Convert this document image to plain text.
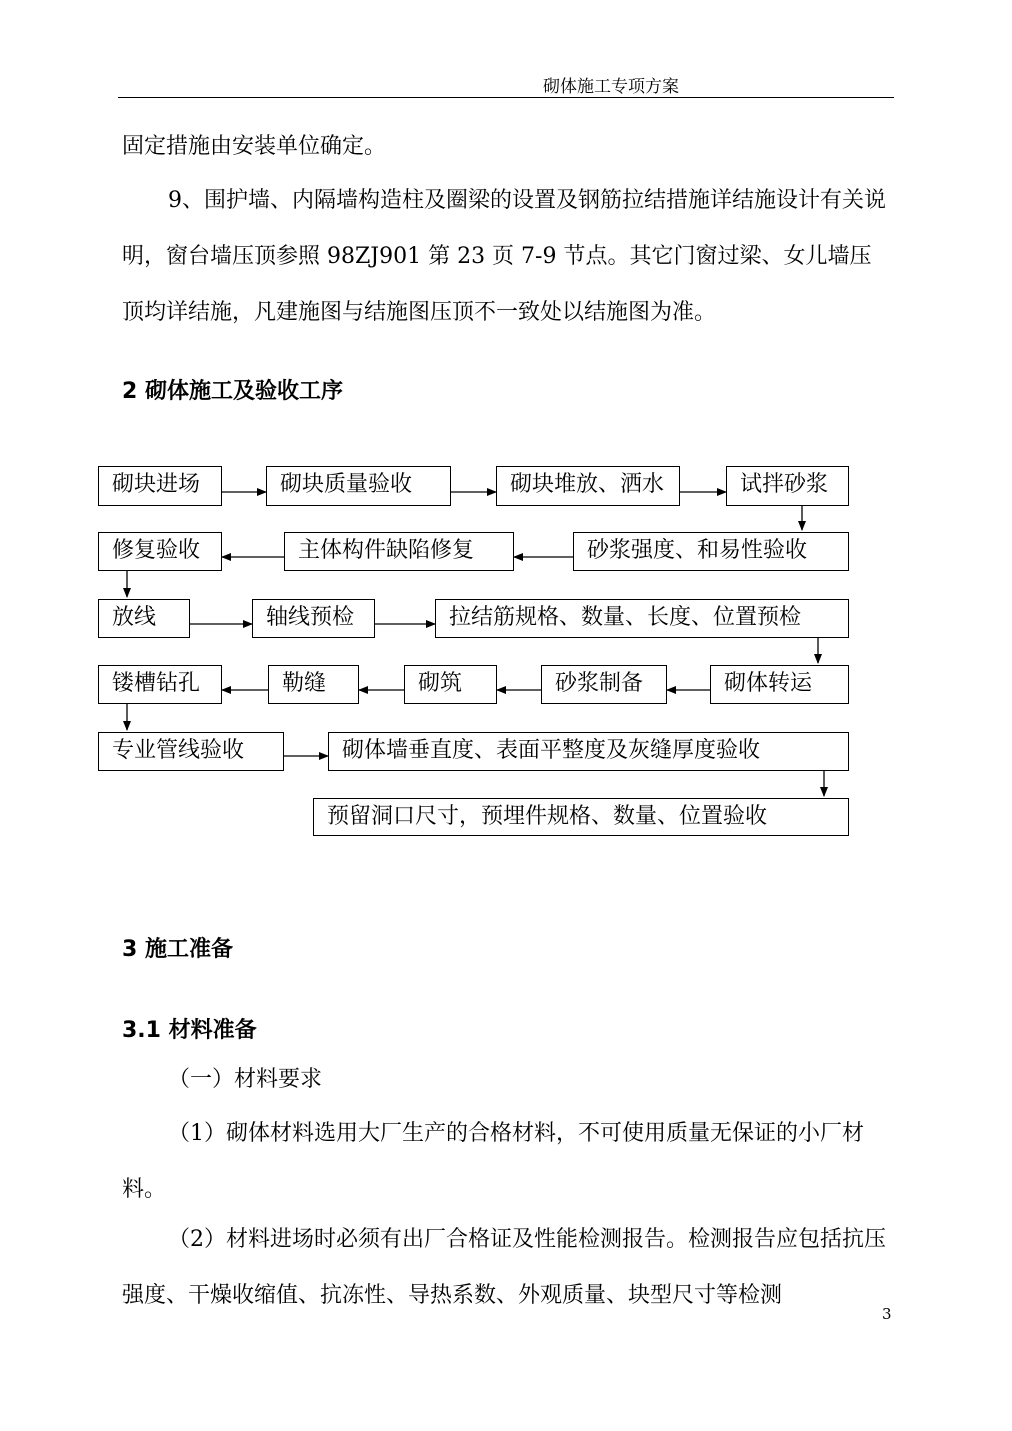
砌体施工专项方案

固定措施由安装单位确定。

9、围护墙、内隔墙构造柱及圈梁的设置及钢筋拉结措施详结施设计有关说明，窗台墙压顶参照 98ZJ901 第 23 页 7-9 节点。其它门窗过梁、女儿墙压顶均详结施，凡建施图与结施图压顶不一致处以结施图为准。

2 砌体施工及验收工序
砌块进场	砌块质量验收	砌块堆放、洒水	试拌砂浆
砂浆强度、和易性验收
主体构件缺陷修复
修复验收
放线	轴线预检	拉结筋规格、数量、长度、位置预检
砌体转运
砂浆制备
砌筑
勒缝
镂槽钻孔
专业管线验收	砌体墙垂直度、表面平整度及灰缝厚度验收
预留洞口尺寸，预埋件规格、数量、位置验收
3 施工准备
3.1 材料准备

（一）材料要求

（1）砌体材料选用大厂生产的合格材料，不可使用质量无保证的小厂材料。

（2）材料进场时必须有出厂合格证及性能检测报告。检测报告应包括抗压强度、干燥收缩值、抗冻性、导热系数、外观质量、块型尺寸等检测

3
